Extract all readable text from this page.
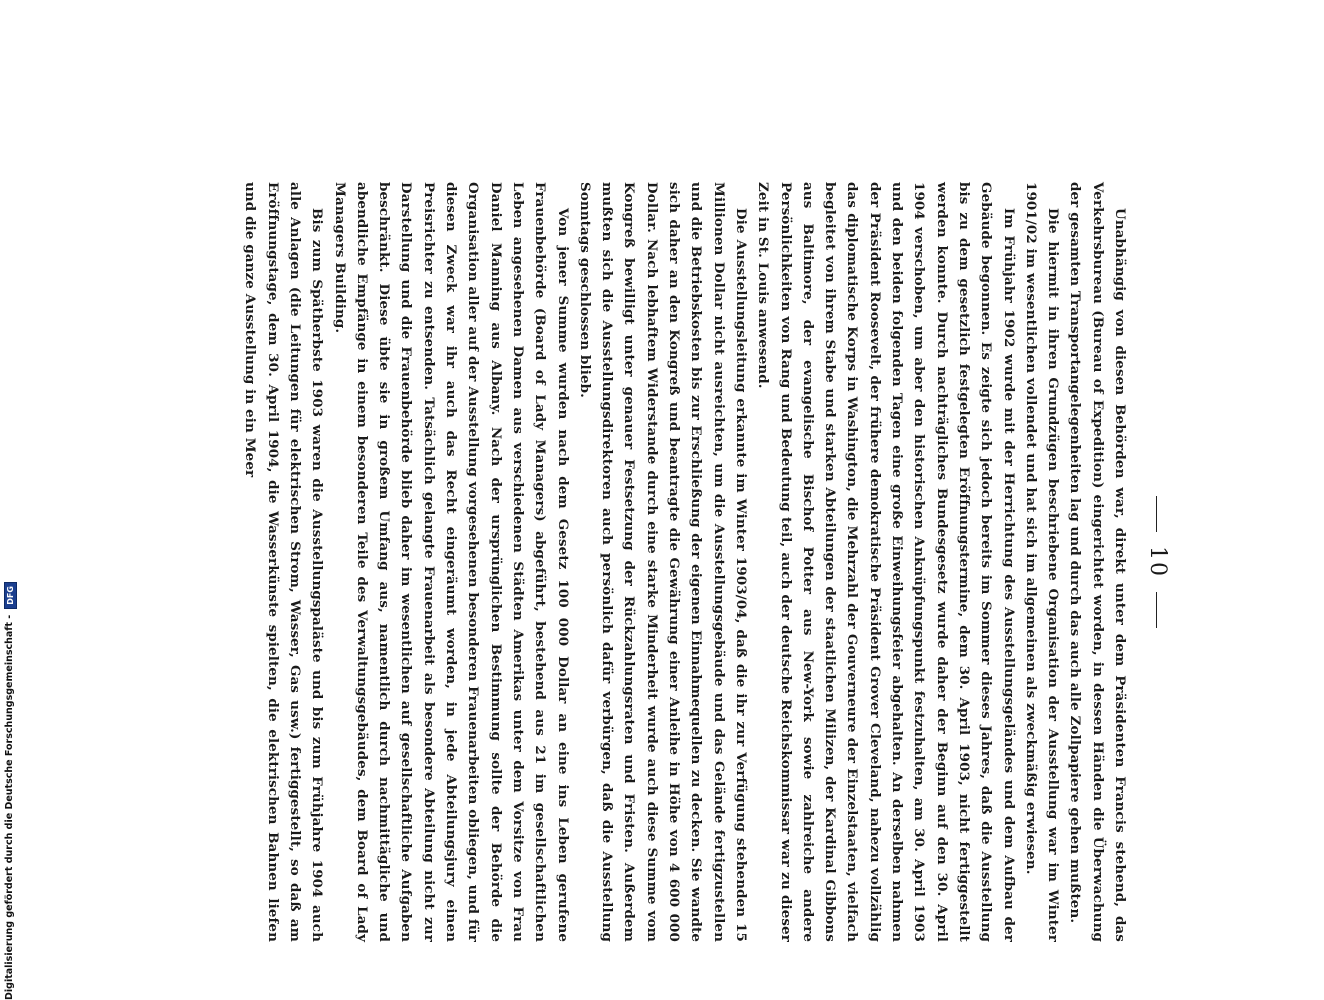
10

Unabhängig von diesen Behörden war, direkt unter dem Präsidenten Francis stehend, das Verkehrsbureau (Bureau of Expedition) eingerichtet worden, in dessen Händen die Überwachung der gesamten Transportangelegenheiten lag und durch das auch alle Zollpapiere gehen mußten.

Die hiermit in ihren Grundzügen beschriebene Organisation der Ausstellung war im Winter 1901/02 im wesentlichen vollendet und hat sich im allgemeinen als zweckmäßig erwiesen.

Im Frühjahr 1902 wurde mit der Herrichtung des Ausstellungsgeländes und dem Aufbau der Gebäude begonnen. Es zeigte sich jedoch bereits im Sommer dieses Jahres, daß die Ausstellung bis zu dem gesetzlich festgelegten Eröffnungstermine, dem 30. April 1903, nicht fertiggestellt werden konnte. Durch nachträgliches Bundesgesetz wurde daher der Beginn auf den 30. April 1904 verschoben, um aber den historischen Anknüpfungspunkt festzuhalten, am 30. April 1903 und den beiden folgenden Tagen eine große Einweihungsfeier abgehalten. An derselben nahmen der Präsident Roosevelt, der frühere demokratische Präsident Grover Cleveland, nahezu vollzählig das diplomatische Korps in Washington, die Mehrzahl der Gouverneure der Einzelstaaten, vielfach begleitet von ihrem Stabe und starken Abteilungen der staatlichen Milizen, der Kardinal Gibbons aus Baltimore, der evangelische Bischof Potter aus New-York sowie zahlreiche andere Persönlichkeiten von Rang und Bedeutung teil, auch der deutsche Reichskommissar war zu dieser Zeit in St. Louis anwesend.

Die Ausstellungsleitung erkannte im Winter 1903/04, daß die ihr zur Verfügung stehenden 15 Millionen Dollar nicht ausreichten, um die Ausstellungsgebäude und das Gelände fertigzustellen und die Betriebskosten bis zur Erschließung der eigenen Einnahmequellen zu decken. Sie wandte sich daher an den Kongreß und beantragte die Gewährung einer Anleihe in Höhe von 4 600 000 Dollar. Nach lebhaftem Widerstande durch eine starke Minderheit wurde auch diese Summe vom Kongreß bewilligt unter genauer Festsetzung der Rückzahlungsraten und Fristen. Außerdem mußten sich die Ausstellungsdirektoren auch persönlich dafür verbürgen, daß die Ausstellung Sonntags geschlossen blieb.

Von jener Summe wurden nach dem Gesetz 100 000 Dollar an eine ins Leben gerufene Frauenbehörde (Board of Lady Managers) abgeführt, bestehend aus 21 im gesellschaftlichen Leben angesehenen Damen aus verschiedenen Städten Amerikas unter dem Vorsitze von Frau Daniel Manning aus Albany. Nach der ursprünglichen Bestimmung sollte der Behörde die Organisation aller auf der Ausstellung vorgesehenen besonderen Frauenarbeiten obliegen, und für diesen Zweck war ihr auch das Recht eingeräumt worden, in jede Abteilungsjury einen Preisrichter zu entsenden. Tatsächlich gelangte Frauenarbeit als besondere Abteilung nicht zur Darstellung und die Frauenbehörde blieb daher im wesentlichen auf gesellschaftliche Aufgaben beschränkt. Diese übte sie in großem Umfang aus, namentlich durch nachmittägliche und abendliche Empfänge in einem besonderen Teile des Verwaltungsgebäudes, dem Board of Lady Managers Building.

Bis zum Spätherbste 1903 waren die Ausstellungspaläste und bis zum Frühjahre 1904 auch alle Anlagen (die Leitungen für elektrischen Strom, Wasser, Gas usw.) fertiggestellt, so daß am Eröffnungstage, dem 30. April 1904, die Wasserkünste spielten, die elektrischen Bahnen liefen und die ganze Ausstellung in ein Meer

Digitalisierung gefördert durch die Deutsche Forschungsgemeinschaft -
DFG
